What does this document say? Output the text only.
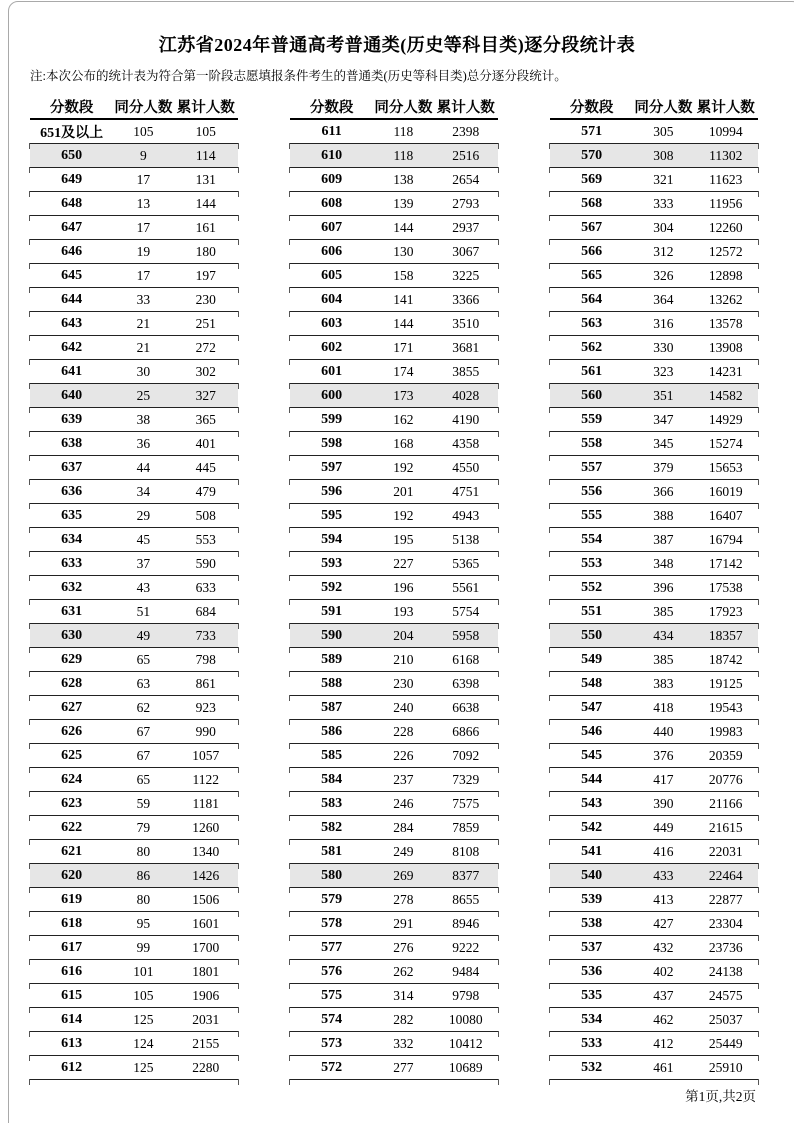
江苏省2024年普通高考普通类(历史等科目类)逐分段统计表
注:本次公布的统计表为符合第一阶段志愿填报条件考生的普通类(历史等科目类)总分逐分段统计。
分数段	同分人数 累计人数
651及以上	105	105
650	9	114
649	17	131
648	13	144
647	17	161
646	19	180
645	17	197
644	33	230
643	21	251
642	21	272
641	30	302
640	25	327
639	38	365
638	36	401
637	44	445
636	34	479
635	29	508
634	45	553
633	37	590
632	43	633
631	51	684
630	49	733
629	65	798
628	63	861
627	62	923
626	67	990
625	67	1057
624	65	1122
623	59	1181
622	79	1260
621	80	1340
620	86	1426
619	80	1506
618	95	1601
617	99	1700
616	101	1801
615	105	1906
614	125	2031
613	124	2155
612	125	2280
分数段	同分人数 累计人数
611	118	2398
610	118	2516
609	138	2654
608	139	2793
607	144	2937
606	130	3067
605	158	3225
604	141	3366
603	144	3510
602	171	3681
601	174	3855
600	173	4028
599	162	4190
598	168	4358
597	192	4550
596	201	4751
595	192	4943
594	195	5138
593	227	5365
592	196	5561
591	193	5754
590	204	5958
589	210	6168
588	230	6398
587	240	6638
586	228	6866
585	226	7092
584	237	7329
583	246	7575
582	284	7859
581	249	8108
580	269	8377
579	278	8655
578	291	8946
577	276	9222
576	262	9484
575	314	9798
574	282	10080
573	332	10412
572	277	10689
分数段	同分人数 累计人数
571	305	10994
570	308	11302
569	321	11623
568	333	11956
567	304	12260
566	312	12572
565	326	12898
564	364	13262
563	316	13578
562	330	13908
561	323	14231
560	351	14582
559	347	14929
558	345	15274
557	379	15653
556	366	16019
555	388	16407
554	387	16794
553	348	17142
552	396	17538
551	385	17923
550	434	18357
549	385	18742
548	383	19125
547	418	19543
546	440	19983
545	376	20359
544	417	20776
543	390	21166
542	449	21615
541	416	22031
540	433	22464
539	413	22877
538	427	23304
537	432	23736
536	402	24138
535	437	24575
534	462	25037
533	412	25449
532	461	25910
第1页,共2页
